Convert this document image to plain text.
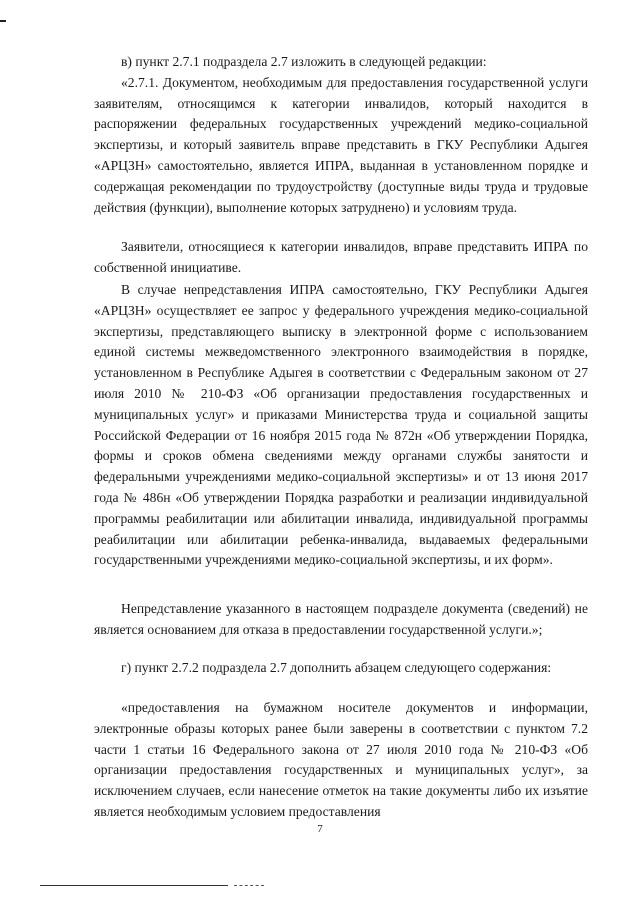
в) пункт 2.7.1 подраздела 2.7 изложить в следующей редакции:

«2.7.1. Документом, необходимым для предоставления государственной услуги заявителям, относящимся к категории инвалидов, который находится в распоряжении федеральных государственных учреждений медико-социальной экспертизы, и который заявитель вправе представить в ГКУ Республики Адыгея «АРЦЗН» самостоятельно, является ИПРА, выданная в установленном порядке и содержащая рекомендации по трудоустройству (доступные виды труда и трудовые действия (функции), выполнение которых затруднено) и условиям труда.

Заявители, относящиеся к категории инвалидов, вправе представить ИПРА по собственной инициативе.

В случае непредставления ИПРА самостоятельно, ГКУ Республики Адыгея «АРЦЗН» осуществляет ее запрос у федерального учреждения медико-социальной экспертизы, представляющего выписку в электронной форме с использованием единой системы межведомственного электронного взаимодействия в порядке, установленном в Республике Адыгея в соответствии с Федеральным законом от 27 июля 2010 № 210-ФЗ «Об организации предоставления государственных и муниципальных услуг» и приказами Министерства труда и социальной защиты Российской Федерации от 16 ноября 2015 года № 872н «Об утверждении Порядка, формы и сроков обмена сведениями между органами службы занятости и федеральными учреждениями медико-социальной экспертизы» и от 13 июня 2017 года № 486н «Об утверждении Порядка разработки и реализации индивидуальной программы реабилитации или абилитации инвалида, индивидуальной программы реабилитации или абилитации ребенка-инвалида, выдаваемых федеральными государственными учреждениями медико-социальной экспертизы, и их форм».

Непредставление указанного в настоящем подразделе документа (сведений) не является основанием для отказа в предоставлении государственной услуги.»;

г) пункт 2.7.2 подраздела 2.7 дополнить абзацем следующего содержания:

«предоставления на бумажном носителе документов и информации, электронные образы которых ранее были заверены в соответствии с пунктом 7.2 части 1 статьи 16 Федерального закона от 27 июля 2010 года № 210-ФЗ «Об организации предоставления государственных и муниципальных услуг», за исключением случаев, если нанесение отметок на такие документы либо их изъятие является необходимым условием предоставления

7
